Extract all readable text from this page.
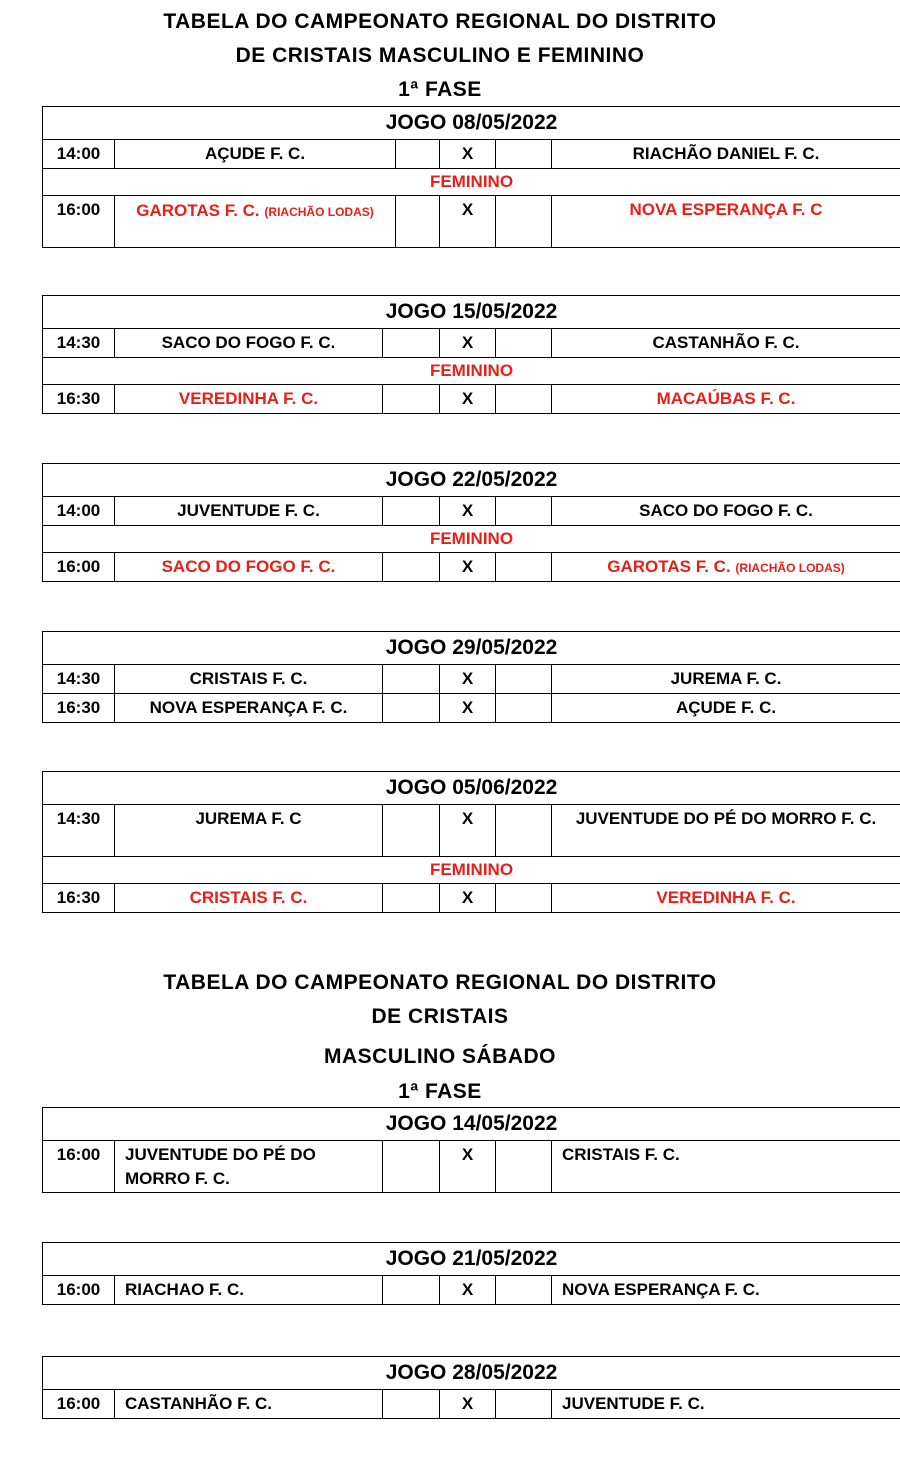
TABELA DO CAMPEONATO REGIONAL DO DISTRITO
DE CRISTAIS MASCULINO E FEMININO
1ª FASE
JOGO 08/05/2022					
14:00	AÇUDE F. C.		X		RIACHÃO DANIEL F. C.
FEMININO					
16:00	GAROTAS F. C. (RIACHÃO LODAS)		X		NOVA ESPERANÇA F. C
JOGO 15/05/2022					
14:30	SACO DO FOGO F. C.		X		CASTANHÃO F. C.
FEMININO					
16:30	VEREDINHA F. C.		X		MACAÚBAS F. C.
JOGO 22/05/2022					
14:00	JUVENTUDE F. C.		X		SACO DO FOGO F. C.
FEMININO					
16:00	SACO DO FOGO F. C.		X		GAROTAS F. C. (RIACHÃO LODAS)
JOGO 29/05/2022					
14:30	CRISTAIS F. C.		X		JUREMA F. C.
16:30	NOVA ESPERANÇA F. C.		X		AÇUDE F. C.
JOGO 05/06/2022					
14:30	JUREMA F. C		X		JUVENTUDE DO PÉ DO MORRO F. C.
FEMININO					
16:30	CRISTAIS F. C.		X		VEREDINHA F. C.
TABELA DO CAMPEONATO REGIONAL DO DISTRITO
DE CRISTAIS
MASCULINO SÁBADO
1ª FASE
JOGO 14/05/2022
16:00	JUVENTUDE DO PÉ DO MORRO F. C.		X		CRISTAIS F. C.
JOGO 21/05/2022
16:00	RIACHAO F. C.		X		NOVA ESPERANÇA F. C.
JOGO 28/05/2022
16:00	CASTANHÃO F. C.		X		JUVENTUDE F. C.
